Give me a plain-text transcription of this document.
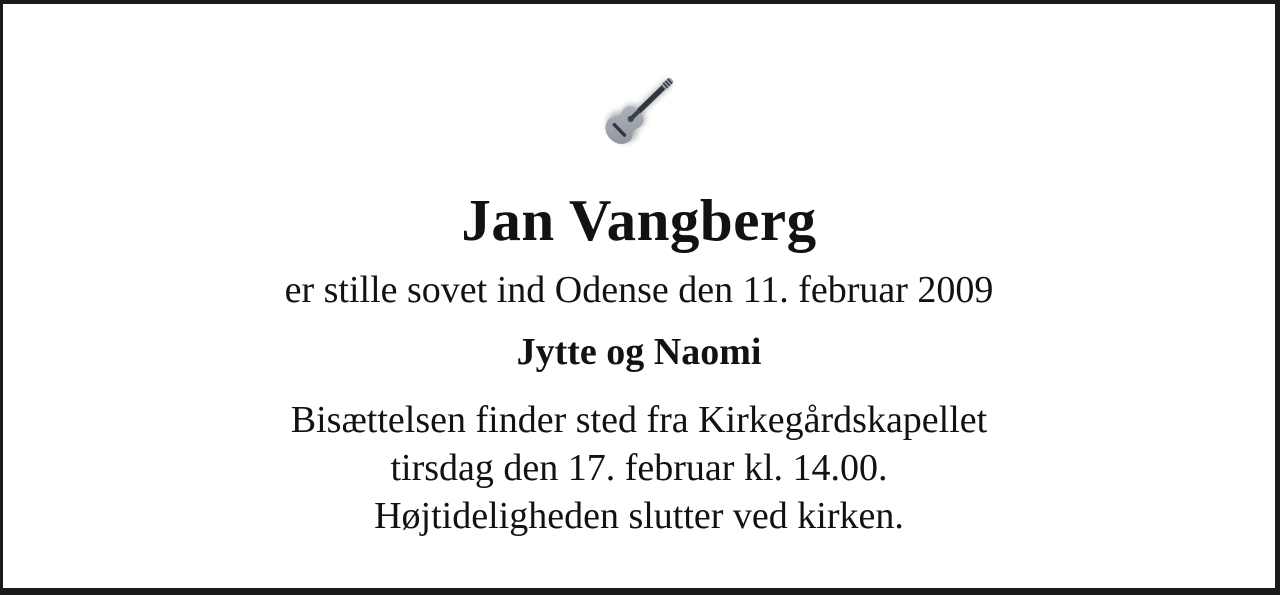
Jan Vangberg
er stille sovet ind Odense den 11. februar 2009
Jytte og Naomi
Bisættelsen finder sted fra Kirkegårdskapellet
tirsdag den 17. februar kl. 14.00.
Højtideligheden slutter ved kirken.
